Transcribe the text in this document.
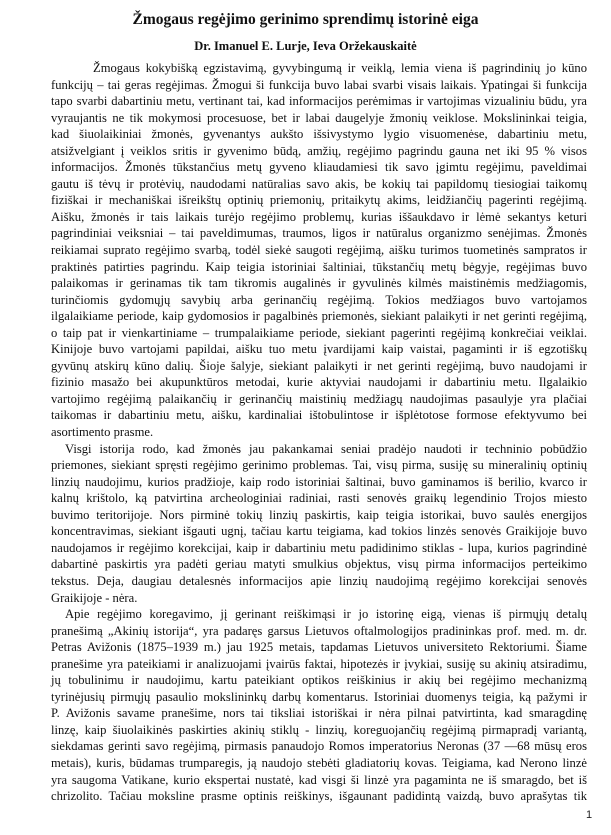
Žmogaus regėjimo gerinimo sprendimų istorinė eiga
Dr. Imanuel E. Lurje, Ieva Oržekauskaitė
Žmogaus kokybišką egzistavimą, gyvybingumą ir veiklą, lemia viena iš pagrindinių jo kūno
funkcijų – tai geras regėjimas. Žmogui ši funkcija buvo labai svarbi visais laikais. Ypatingai ši funkcija
tapo svarbi dabartiniu metu, vertinant tai, kad informacijos perėmimas ir vartojimas vizualiniu būdu, yra
vyraujantis ne tik mokymosi procesuose, bet ir labai daugelyje žmonių veiklose. Mokslininkai teigia,
kad šiuolaikiniai žmonės, gyvenantys aukšto išsivystymo lygio visuomenėse, dabartiniu metu,
atsižvelgiant į veiklos sritis ir gyvenimo būdą, amžių, regėjimo pagrindu gauna net iki 95 % visos
informacijos. Žmonės tūkstančius metų gyveno kliaudamiesi tik savo įgimtu regėjimu, paveldimai
gautu iš tėvų ir protėvių, naudodami natūralias savo akis, be kokių tai papildomų tiesiogiai taikomų
fiziškai ir mechaniškai išreikštų optinių priemonių, pritaikytų akims, leidžiančių pagerinti regėjimą.
Aišku, žmonės ir tais laikais turėjo regėjimo problemų, kurias iššaukdavo ir lėmė sekantys keturi
pagrindiniai veiksniai – tai paveldimumas, traumos, ligos ir natūralus organizmo senėjimas. Žmonės
reikiamai suprato regėjimo svarbą, todėl siekė saugoti regėjimą, aišku turimos tuometinės sampratos ir
praktinės patirties pagrindu. Kaip teigia istoriniai šaltiniai, tūkstančių metų bėgyje, regėjimas buvo
palaikomas ir gerinamas tik tam tikromis augalinės ir gyvulinės kilmės maistinėmis medžiagomis,
turinčiomis gydomųjų savybių arba gerinančių regėjimą. Tokios medžiagos buvo vartojamos
ilgalaikiame periode, kaip gydomosios ir pagalbinės priemonės, siekiant palaikyti ir net gerinti regėjimą,
o taip pat ir vienkartiniame – trumpalaikiame periode, siekiant pagerinti regėjimą konkrečiai veiklai.
Kinijoje buvo vartojami papildai, aišku tuo metu įvardijami kaip vaistai, pagaminti ir iš egzotiškų
gyvūnų atskirų kūno dalių. Šioje šalyje, siekiant palaikyti ir net gerinti regėjimą, buvo naudojami ir
fizinio masažo bei akupunktūros metodai, kurie aktyviai naudojami ir dabartiniu metu. Ilgalaikio
vartojimo regėjimą palaikančių ir gerinančių maistinių medžiagų naudojimas pasaulyje yra plačiai
taikomas ir dabartiniu metu, aišku, kardinaliai ištobulintose ir išplėtotose formose efektyvumo bei
asortimento prasme.
Visgi istorija rodo, kad žmonės jau pakankamai seniai pradėjo naudoti ir techninio pobūdžio
priemones, siekiant spręsti regėjimo gerinimo problemas. Tai, visų pirma, susiję su mineralinių optinių
linzių naudojimu, kurios pradžioje, kaip rodo istoriniai šaltinai, buvo gaminamos iš berilio, kvarco ir
kalnų krištolo, ką patvirtina archeologiniai radiniai, rasti senovės graikų legendinio Trojos miesto
buvimo teritorijoje. Nors pirminė tokių linzių paskirtis, kaip teigia istorikai, buvo saulės energijos
koncentravimas, siekiant išgauti ugnį, tačiau kartu teigiama, kad tokios linzės senovės Graikijoje buvo
naudojamos ir regėjimo korekcijai, kaip ir dabartiniu metu padidinimo stiklas - lupa, kurios pagrindinė
dabartinė paskirtis yra padėti geriau matyti smulkius objektus, visų pirma informacijos perteikimo
tekstus. Deja, daugiau detalesnės informacijos apie linzių naudojimą regėjimo korekcijai senovės
Graikijoje - nėra.
Apie regėjimo koregavimo, jį gerinant reiškimąsi ir jo istorinę eigą, vienas iš pirmųjų detalų
pranešimą „Akinių istorija“, yra padaręs garsus Lietuvos oftalmologijos pradininkas prof. med. m. dr.
Petras Avižonis (1875–1939 m.) jau 1925 metais, tapdamas Lietuvos universiteto Rektoriumi. Šiame
pranešime yra pateikiami ir analizuojami įvairūs faktai, hipotezės ir įvykiai, susiję su akinių atsiradimu,
jų tobulinimu ir naudojimu, kartu pateikiant optikos reiškinius ir akių bei regėjimo mechanizmą
tyrinėjusių pirmųjų pasaulio mokslininkų darbų komentarus. Istoriniai duomenys teigia, ką pažymi ir
P. Avižonis savame pranešime, nors tai tiksliai istoriškai ir nėra pilnai patvirtinta, kad smaragdinę
linzę, kaip šiuolaikinės paskirties akinių stiklų - linzių, koreguojančių regėjimą pirmapradį variantą,
siekdamas gerinti savo regėjimą, pirmasis panaudojo Romos imperatorius Neronas (37 —68 mūsų eros
metais), kuris, būdamas trumparegis, ją naudojo stebėti gladiatorių kovas. Teigiama, kad Nerono linzė
yra saugoma Vatikane, kurio ekspertai nustatė, kad visgi ši linzė yra pagaminta ne iš smaragdo, bet iš
chrizolito. Tačiau moksline prasme optinis reiškinys, išgaunant padidintą vaizdą, buvo aprašytas tik
1
